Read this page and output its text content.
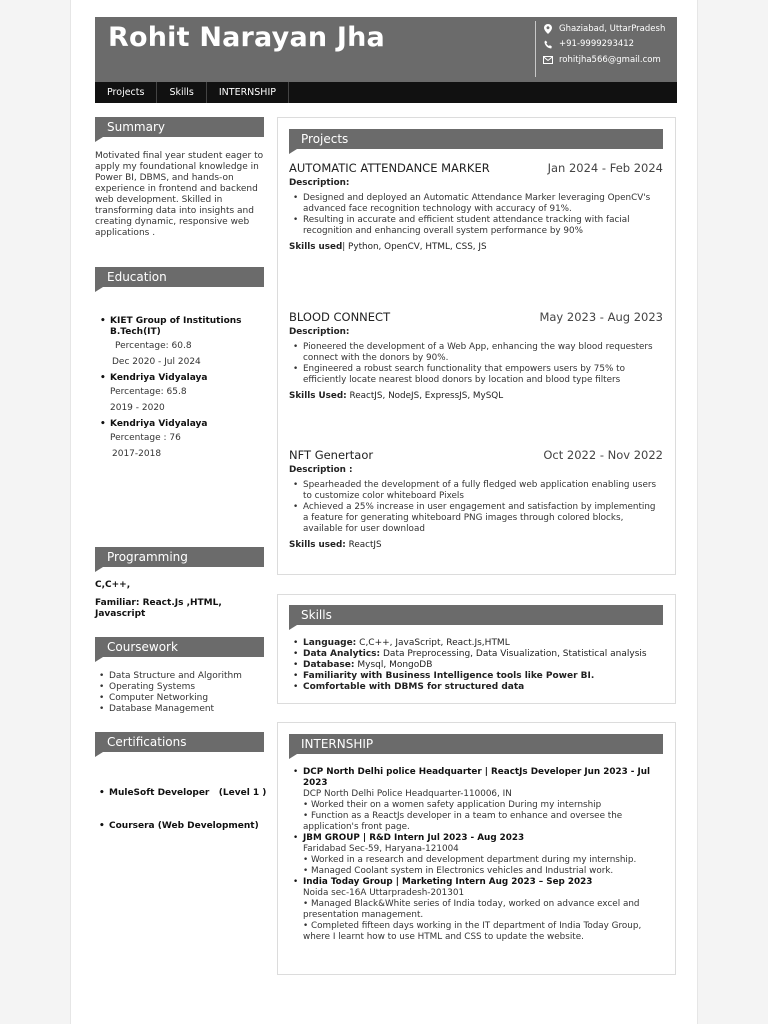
Rohit Narayan Jha	Ghaziabad, UttarPradesh
+91-9999293412
rohitjha566@gmail.com
Projects	Skills	INTERNSHIP
Summary
Motivated final year student eager to apply my foundational knowledge in Power BI, DBMS, and hands-on experience in frontend and backend web development. Skilled in transforming data into insights and creating dynamic, responsive web applications .
Education
• KIET Group of Institutions B.Tech(IT)
Percentage: 60.8
Dec 2020 - Jul 2024
• Kendriya Vidyalaya
Percentage: 65.8
2019 - 2020
• Kendriya Vidyalaya
Percentage : 76
2017-2018
Programming
C,C++,
Familiar: React.Js ,HTML, Javascript
Coursework
• Data Structure and Algorithm
• Operating Systems
• Computer Networking
• Database Management
Certifications

• MuleSoft Developer   (Level 1 )

• Coursera (Web Development)

Projects
AUTOMATIC ATTENDANCE MARKER	Jan 2024 - Feb 2024
Description:
• Designed and deployed an Automatic Attendance Marker leveraging OpenCV's advanced face recognition technology with accuracy of 91%.
• Resulting in accurate and efficient student attendance tracking with facial recognition and enhancing overall system performance by 90%
Skills used| Python, OpenCV, HTML, CSS, JS
BLOOD CONNECT	May 2023 - Aug 2023
Description:
• Pioneered the development of a Web App, enhancing the way blood requesters connect with the donors by 90%.
• Engineered a robust search functionality that empowers users by 75% to efficiently locate nearest blood donors by location and blood type filters
Skills Used: ReactJS, NodeJS, ExpressJS, MySQL
NFT Genertaor	Oct 2022 - Nov 2022
Description :
• Spearheaded the development of a fully fledged web application enabling users to customize color whiteboard Pixels
• Achieved a 25% increase in user engagement and satisfaction by implementing a feature for generating whiteboard PNG images through colored blocks, available for user download
Skills used: ReactJS
Skills
• Language: C,C++, JavaScript, React.Js,HTML
• Data Analytics: Data Preprocessing, Data Visualization, Statistical analysis
• Database: Mysql, MongoDB
• Familiarity with Business Intelligence tools like Power BI.
• Comfortable with DBMS for structured data
INTERNSHIP
• DCP North Delhi police Headquarter | ReactJs Developer Jun 2023 - Jul 2023
DCP North Delhi Police Headquarter-110006, IN
• Worked their on a women safety application During my internship
• Function as a ReactJs developer in a team to enhance and oversee the application's front page.
• JBM GROUP | R&D Intern Jul 2023 - Aug 2023
Faridabad Sec-59, Haryana-121004
• Worked in a research and development department during my internship.
• Managed Coolant system in Electronics vehicles and Industrial work.
• India Today Group | Marketing Intern Aug 2023 – Sep 2023
Noida sec-16A Uttarpradesh-201301
• Managed Black&White series of India today, worked on advance excel and presentation management.
• Completed fifteen days working in the IT department of India Today Group, where I learnt how to use HTML and CSS to update the website.
